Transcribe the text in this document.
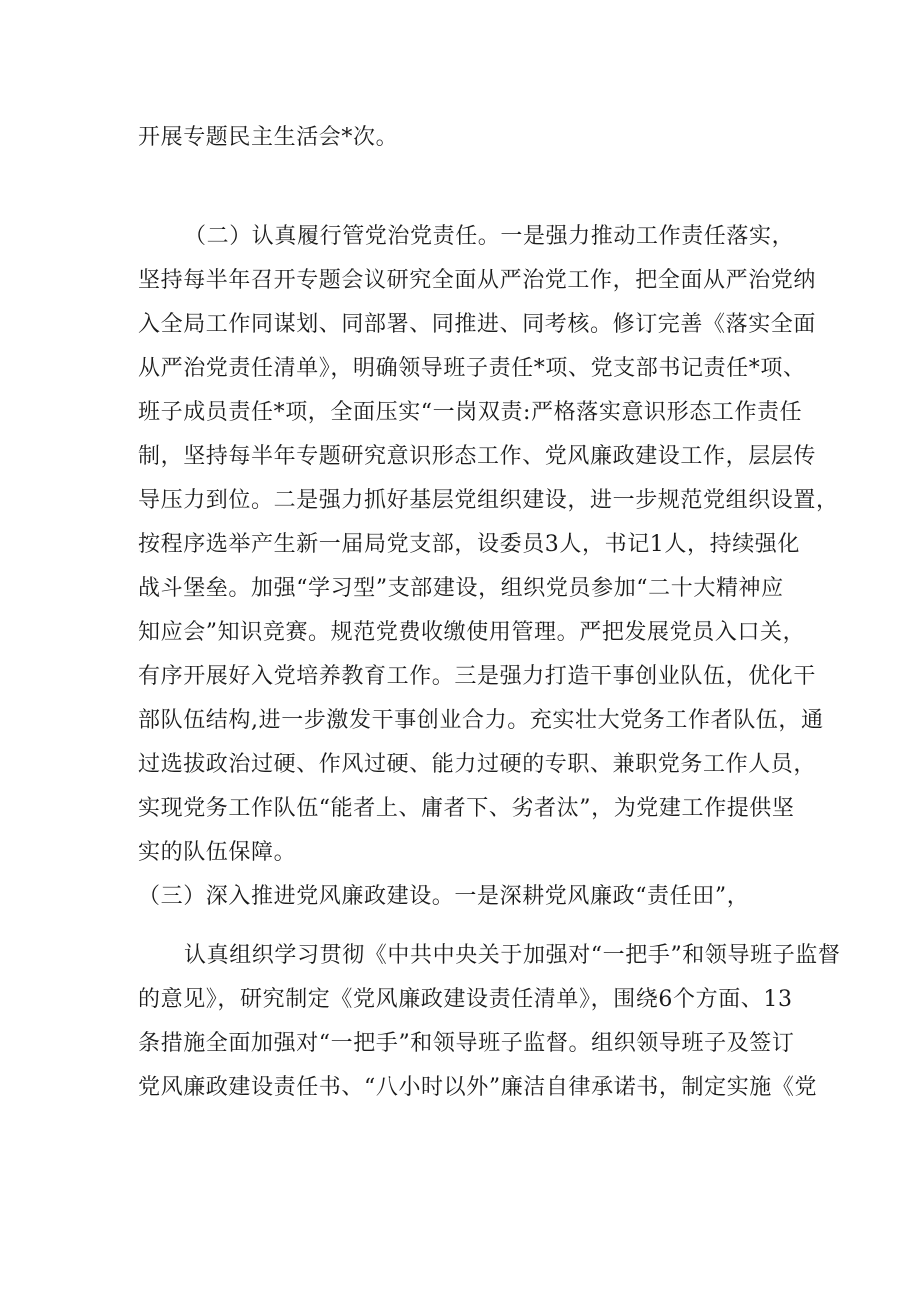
开展专题民主生活会*次。
（二）认真履行管党治党责任。一是强力推动工作责任落实，
坚持每半年召开专题会议研究全面从严治党工作，把全面从严治党纳
入全局工作同谋划、同部署、同推进、同考核。修订完善《落实全面
从严治党责任清单》，明确领导班子责任*项、党支部书记责任*项、
班子成员责任*项，全面压实“一岗双责:严格落实意识形态工作责任
制，坚持每半年专题研究意识形态工作、党风廉政建设工作，层层传
导压力到位。二是强力抓好基层党组织建设，进一步规范党组织设置，
按程序选举产生新一届局党支部，设委员3人，书记1人，持续强化
战斗堡垒。加强“学习型”支部建设，组织党员参加“二十大精神应
知应会”知识竞赛。规范党费收缴使用管理。严把发展党员入口关，
有序开展好入党培养教育工作。三是强力打造干事创业队伍，优化干
部队伍结构,进一步激发干事创业合力。充实壮大党务工作者队伍，通
过选拔政治过硬、作风过硬、能力过硬的专职、兼职党务工作人员，
实现党务工作队伍“能者上、庸者下、劣者汰”，为党建工作提供坚
实的队伍保障。
（三）深入推进党风廉政建设。一是深耕党风廉政“责任田”，
认真组织学习贯彻《中共中央关于加强对“一把手”和领导班子监督
的意见》，研究制定《党风廉政建设责任清单》，围绕6个方面、13
条措施全面加强对“一把手”和领导班子监督。组织领导班子及签订
党风廉政建设责任书、“八小时以外”廉洁自律承诺书，制定实施《党
